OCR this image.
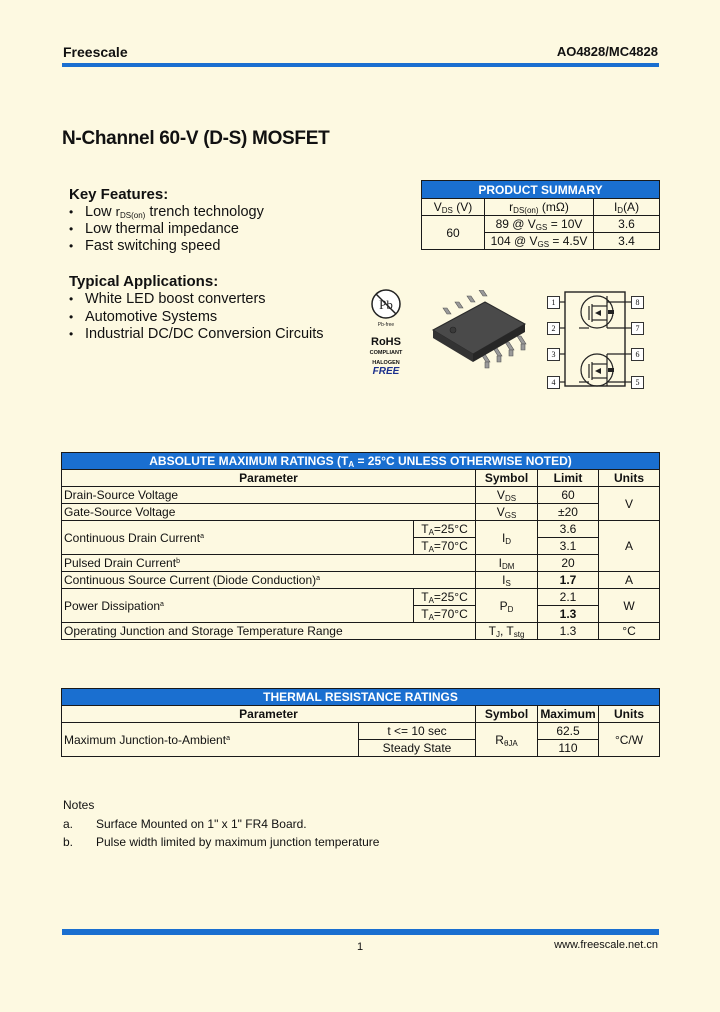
Freescale	AO4828/MC4828
N-Channel 60-V (D-S) MOSFET
Key Features:
• Low $r_{DS(on)}$ trench technology
• Low thermal impedance
• Fast switching speed
Typical Applications:
• White LED boost converters
• Automotive Systems
• Industrial DC/DC Conversion Circuits
PRODUCT SUMMARY		
$V_{DS}$ (V)	$r_{DS(on)}$ (mΩ)	$I_D(A)$
60	89 @ $V_{GS} = 10V$	3.6
	104 @ $V_{GS} = 4.5V$	3.4
Pb
Pb-free
RoHS
COMPLIANT
HALOGEN
FREE
1
2
3
4
8
7
6
5
ABSOLUTE MAXIMUM RATINGS ($T_A = 25^\circ C$ UNLESS OTHERWISE NOTED)				
Parameter		Symbol	Limit	Units
Drain-Source Voltage		$V_{DS}$	60	V
Gate-Source Voltage		$V_{GS}$	±20	
Continuous Drain Current$^a$	$T_A=25^\circ C$	$I_D$	3.6	A
	$T_A=70^\circ C$		3.1	
Pulsed Drain Current$^b$		$I_{DM}$	20	
Continuous Source Current (Diode Conduction)$^a$		$I_S$	1.7	A
Power Dissipation$^a$	$T_A=25^\circ C$	$P_D$	2.1	W
	$T_A=70^\circ C$		1.3	
Operating Junction and Storage Temperature Range		$T_J$, $T_{stg}$	1.3	°C
THERMAL RESISTANCE RATINGS				
Parameter		Symbol	Maximum	Units
Maximum Junction-to-Ambient$^a$	t <= 10 sec	$R_{\theta JA}$	62.5	°C/W
	Steady State		110	
Notes
a. Surface Mounted on 1" x 1" FR4 Board.
b. Pulse width limited by maximum junction temperature
1	www.freescale.net.cn
